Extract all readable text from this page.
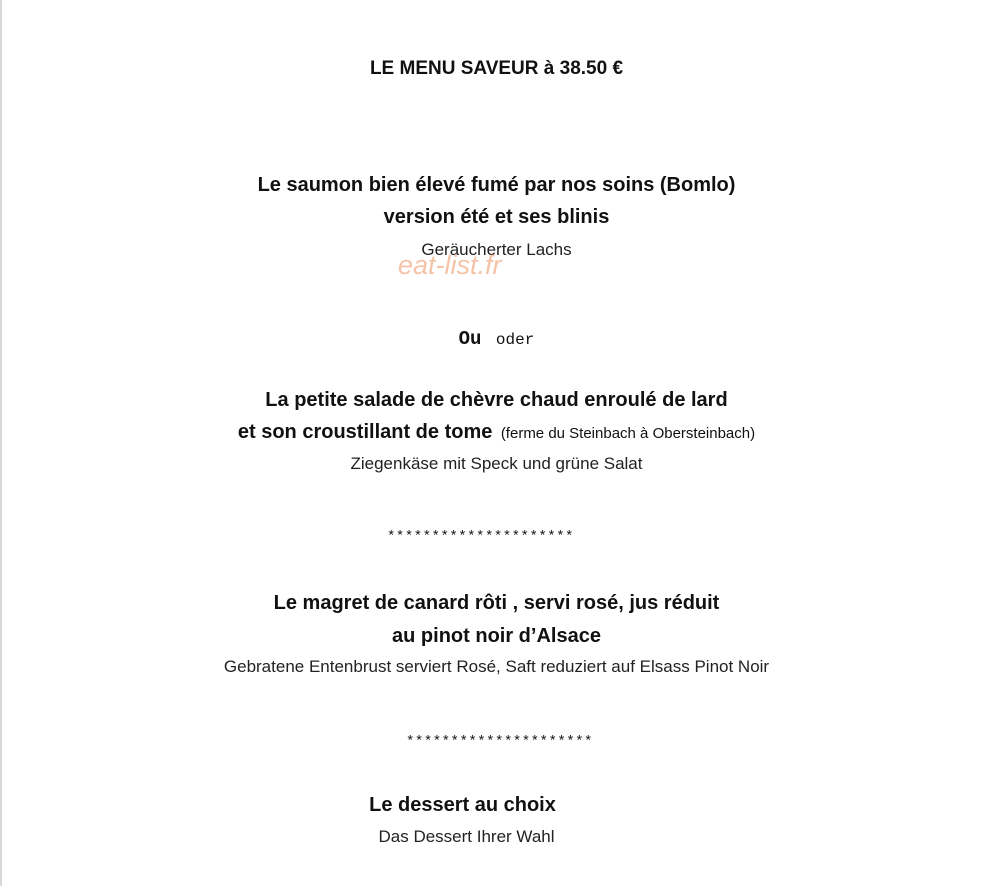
LE MENU SAVEUR à 38.50 €
Le saumon bien élevé fumé par nos soins (Bomlo)
version été et ses blinis
Geräucherter Lachs
eat-list.fr
Ou oder
La petite salade de chèvre chaud enroulé de lard
et son croustillant de tome (ferme du Steinbach à Obersteinbach)
Ziegenkäse mit Speck und grüne Salat
*********************
Le magret de canard rôti , servi rosé, jus réduit
au pinot noir d’Alsace
Gebratene Entenbrust serviert Rosé, Saft reduziert auf Elsass Pinot Noir
*********************
Le dessert au choix
Das Dessert Ihrer Wahl
